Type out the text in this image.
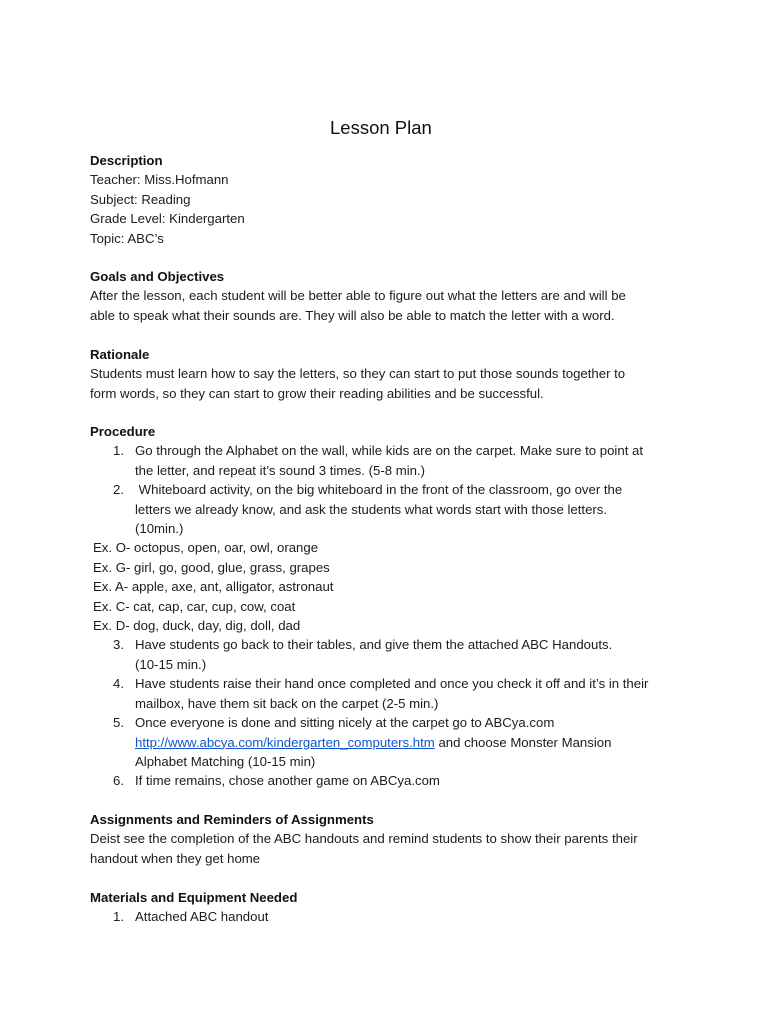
Lesson Plan
Description
Teacher: Miss.Hofmann
Subject: Reading
Grade Level: Kindergarten
Topic: ABC’s
Goals and Objectives
After the lesson, each student will be better able to figure out what the letters are and will be
able to speak what their sounds are. They will also be able to match the letter with a word.
Rationale
Students must learn how to say the letters, so they can start to put those sounds together to
form words, so they can start to grow their reading abilities and be successful.
Procedure
1. Go through the Alphabet on the wall, while kids are on the carpet. Make sure to point at
the letter, and repeat it’s sound 3 times. (5-8 min.)
2. Whiteboard activity, on the big whiteboard in the front of the classroom, go over the
letters we already know, and ask the students what words start with those letters.
(10min.)
Ex. O- octopus, open, oar, owl, orange
Ex. G- girl, go, good, glue, grass, grapes
Ex. A- apple, axe, ant, alligator, astronaut
Ex. C- cat, cap, car, cup, cow, coat
Ex. D- dog, duck, day, dig, doll, dad
3. Have students go back to their tables, and give them the attached ABC Handouts.
(10-15 min.)
4. Have students raise their hand once completed and once you check it off and it’s in their
mailbox, have them sit back on the carpet (2-5 min.)
5. Once everyone is done and sitting nicely at the carpet go to ABCya.com
http://www.abcya.com/kindergarten_computers.htm and choose Monster Mansion
Alphabet Matching (10-15 min)
6. If time remains, chose another game on ABCya.com
Assignments and Reminders of Assignments
Deist see the completion of the ABC handouts and remind students to show their parents their
handout when they get home
Materials and Equipment Needed
1. Attached ABC handout
